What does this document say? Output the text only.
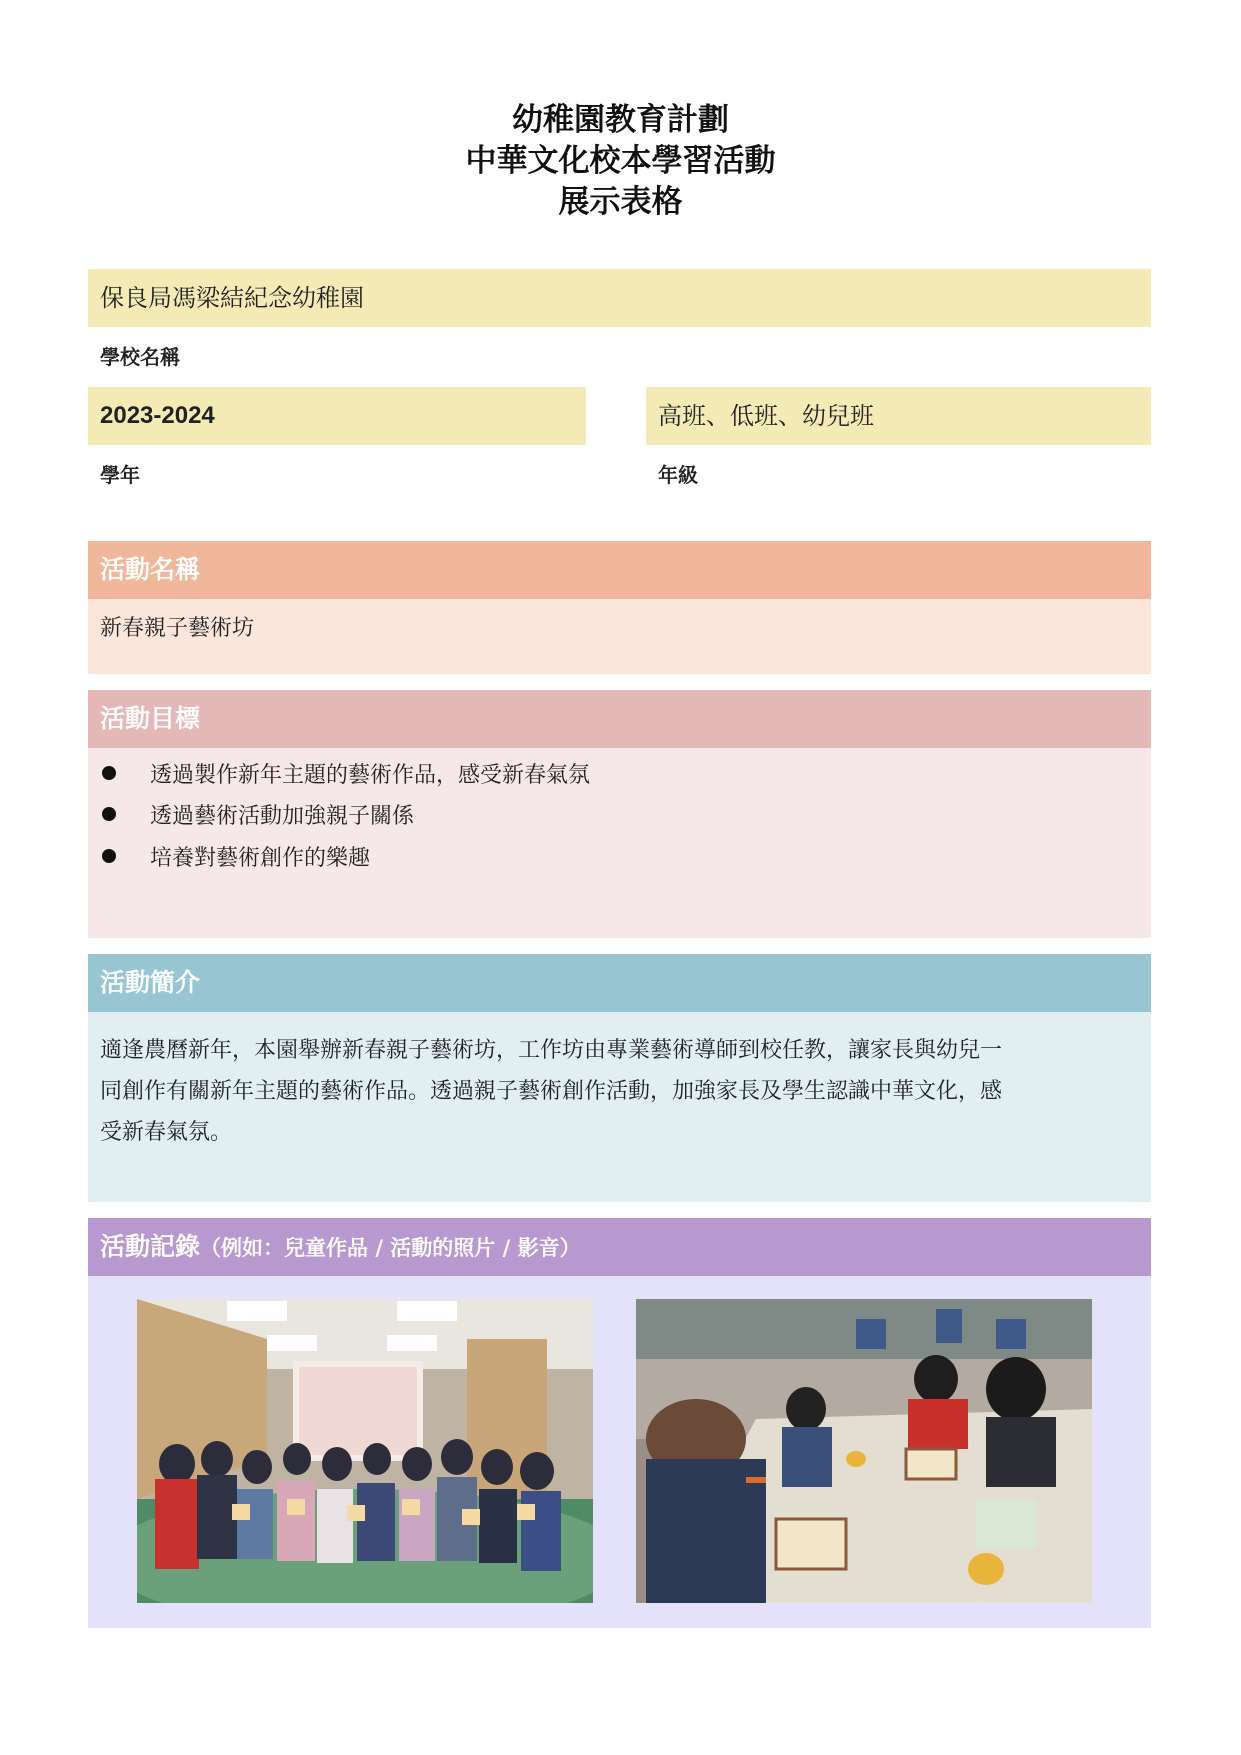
幼稚園教育計劃
中華文化校本學習活動
展示表格
保良局馮梁結紀念幼稚園
學校名稱
2023-2024
學年
高班、低班、幼兒班
年級
活動名稱
新春親子藝術坊
活動目標
透過製作新年主題的藝術作品，感受新春氣氛
透過藝術活動加強親子關係
培養對藝術創作的樂趣
活動簡介
適逢農曆新年，本園舉辦新春親子藝術坊，工作坊由專業藝術導師到校任教，讓家長與幼兒一
同創作有關新年主題的藝術作品。透過親子藝術創作活動，加強家長及學生認識中華文化，感
受新春氣氛。
活動記錄（例如：兒童作品 / 活動的照片 / 影音）
